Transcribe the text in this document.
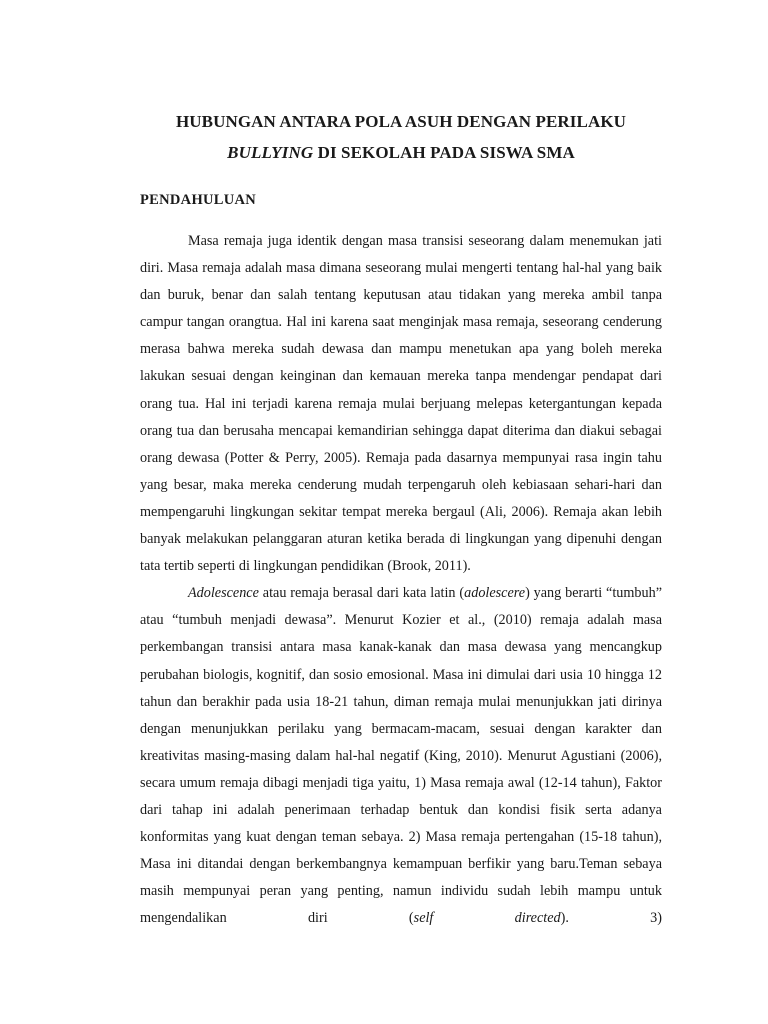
HUBUNGAN ANTARA POLA ASUH DENGAN PERILAKU
BULLYING DI SEKOLAH PADA SISWA SMA
PENDAHULUAN

Masa remaja juga identik dengan masa transisi seseorang dalam menemukan jati diri. Masa remaja adalah masa dimana seseorang mulai mengerti tentang hal-hal yang baik dan buruk, benar dan salah tentang keputusan atau tidakan yang mereka ambil tanpa campur tangan orangtua. Hal ini karena saat menginjak masa remaja, seseorang cenderung merasa bahwa mereka sudah dewasa dan mampu menetukan apa yang boleh mereka lakukan sesuai dengan keinginan dan kemauan mereka tanpa mendengar pendapat dari orang tua. Hal ini terjadi karena remaja mulai berjuang melepas ketergantungan kepada orang tua dan berusaha mencapai kemandirian sehingga dapat diterima dan diakui sebagai orang dewasa (Potter & Perry, 2005). Remaja pada dasarnya mempunyai rasa ingin tahu yang besar, maka mereka cenderung mudah terpengaruh oleh kebiasaan sehari-hari dan mempengaruhi lingkungan sekitar tempat mereka bergaul (Ali, 2006). Remaja akan lebih banyak melakukan pelanggaran aturan ketika berada di lingkungan yang dipenuhi dengan tata tertib seperti di lingkungan pendidikan (Brook, 2011).

Adolescence atau remaja berasal dari kata latin (adolescere) yang berarti “tumbuh” atau “tumbuh menjadi dewasa”. Menurut Kozier et al., (2010) remaja adalah masa perkembangan transisi antara masa kanak-kanak dan masa dewasa yang mencangkup perubahan biologis, kognitif, dan sosio emosional. Masa ini dimulai dari usia 10 hingga 12 tahun dan berakhir pada usia 18-21 tahun, diman remaja mulai menunjukkan jati dirinya dengan menunjukkan perilaku yang bermacam-macam, sesuai dengan karakter dan kreativitas masing-masing dalam hal-hal negatif (King, 2010). Menurut Agustiani (2006), secara umum remaja dibagi menjadi tiga yaitu, 1) Masa remaja awal (12-14 tahun), Faktor dari tahap ini adalah penerimaan terhadap bentuk dan kondisi fisik serta adanya konformitas yang kuat dengan teman sebaya. 2) Masa remaja pertengahan (15-18 tahun), Masa ini ditandai dengan berkembangnya kemampuan berfikir yang baru.Teman sebaya masih mempunyai peran yang penting, namun individu sudah lebih mampu untuk mengendalikan diri (self directed). 3)
